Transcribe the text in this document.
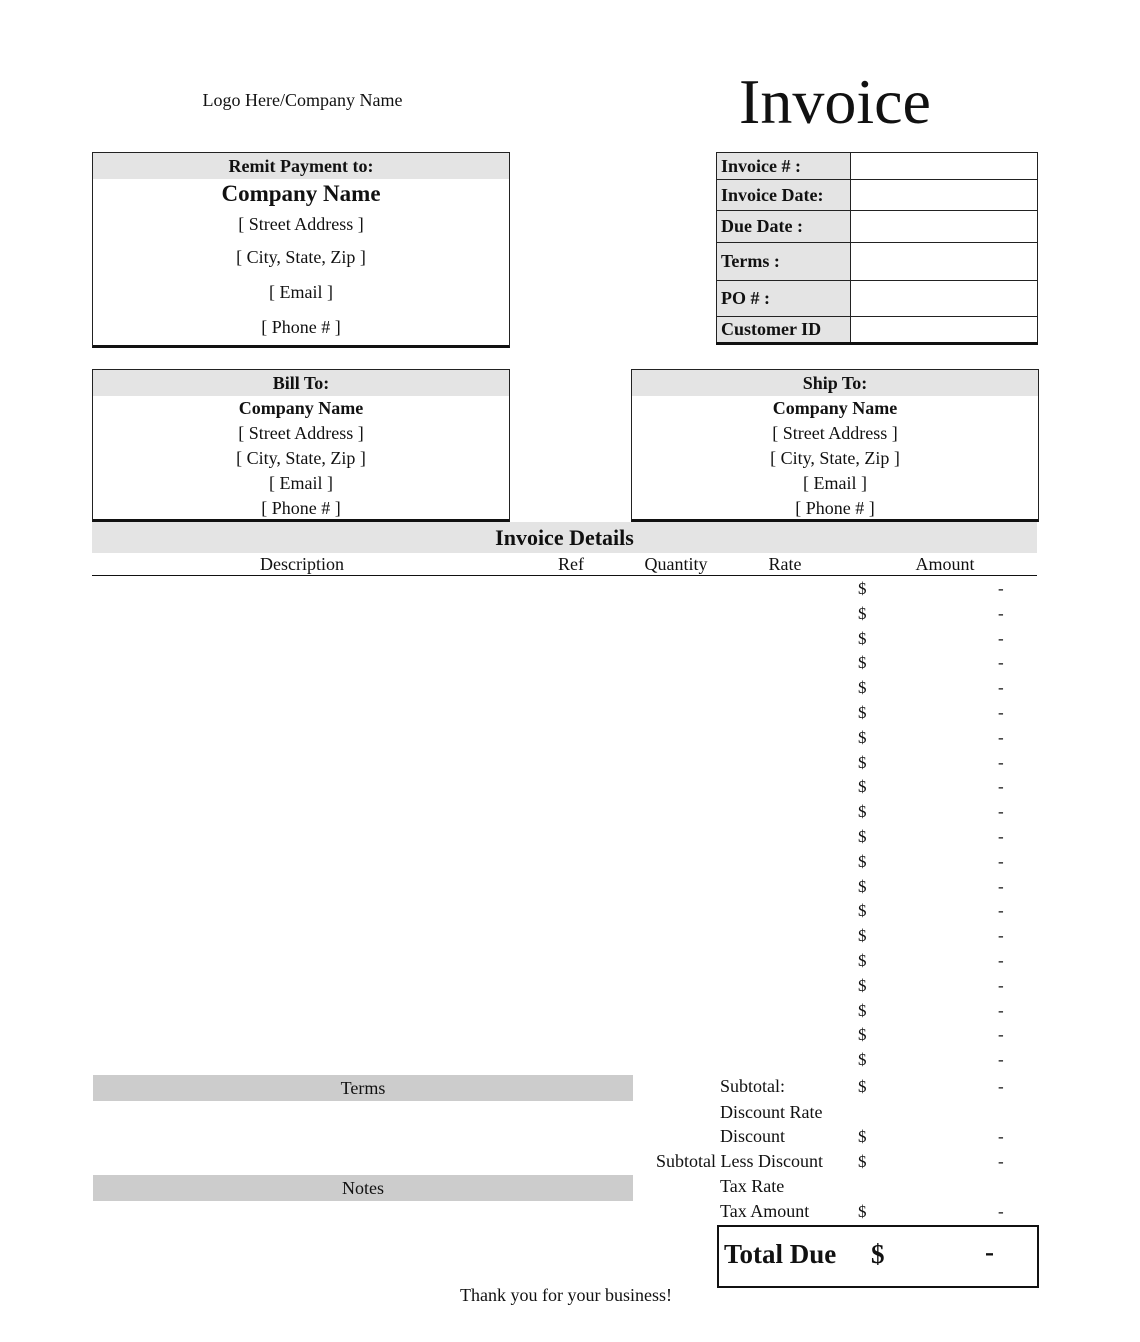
Logo Here/Company Name	Invoice
Remit Payment to:
Company Name
[ Street Address ]
[ City, State, Zip ]
[ Email ]
[ Phone # ]
Invoice # :	
Invoice Date:	
Due Date :	
Terms :	
PO # :	
Customer ID	
Bill To:
Company Name
[ Street Address ]
[ City, State, Zip ]
[ Email ]
[ Phone # ]
Ship To:
Company Name
[ Street Address ]
[ City, State, Zip ]
[ Email ]
[ Phone # ]
Invoice Details
Description	Ref	Quantity	Rate	Amount
$	-
$	-
$	-
$	-
$	-
$	-
$	-
$	-
$	-
$	-
$	-
$	-
$	-
$	-
$	-
$	-
$	-
$	-
$	-
$	-
Terms
Notes
Subtotal:	$	-
Discount Rate
Discount	$	-
Subtotal Less Discount $	-
Tax Rate
Tax Amount	$	-
Total Due $	-
Thank you for your business!
